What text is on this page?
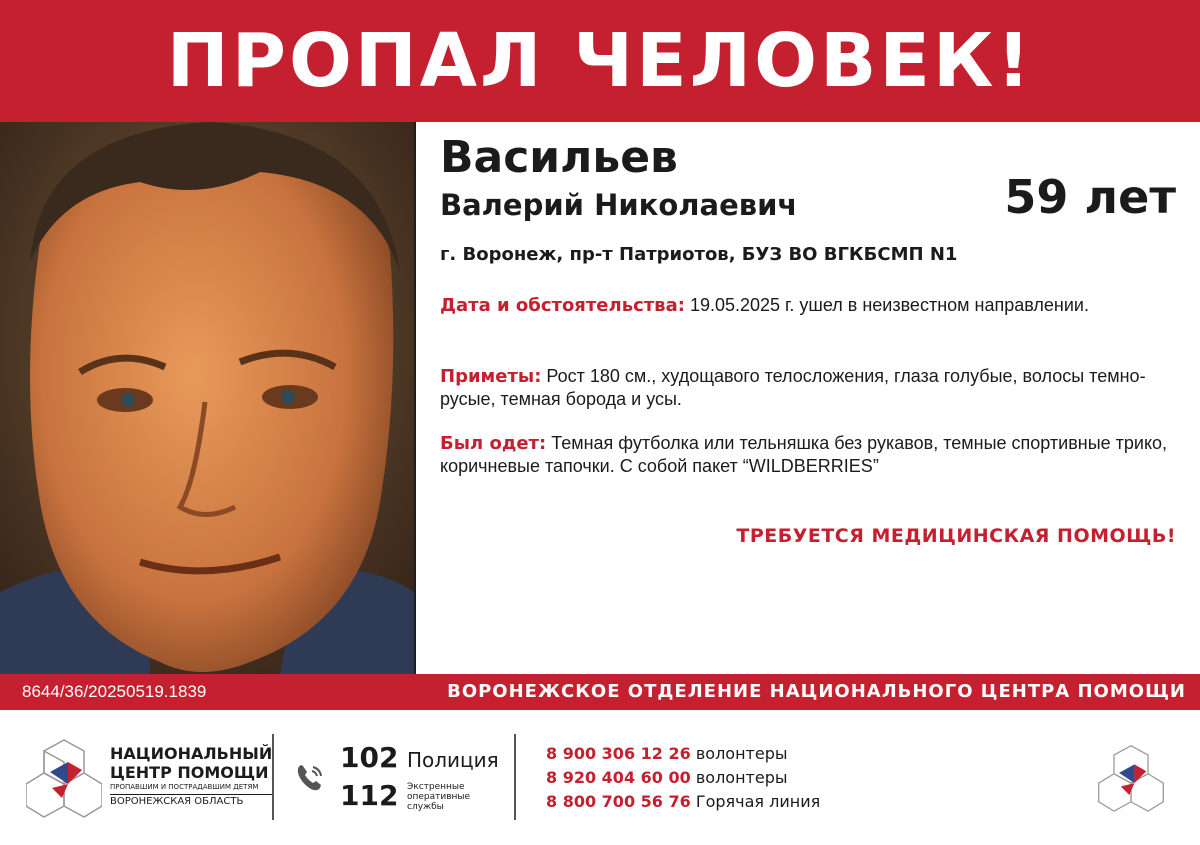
ПРОПАЛ ЧЕЛОВЕК!
Васильев
Валерий Николаевич	59 лет
г. Воронеж, пр-т Патриотов, БУЗ ВО ВГКБСМП N1
Дата и обстоятельства: 19.05.2025 г. ушел в неизвестном направлении.
Приметы: Рост 180 см., худощавого телосложения, глаза голубые, волосы темно-русые, темная борода и усы.
Был одет: Темная футболка или тельняшка без рукавов, темные спортивные трико, коричневые тапочки. С собой пакет “WILDBERRIES”
ТРЕБУЕТСЯ МЕДИЦИНСКАЯ ПОМОЩЬ!
8644/36/20250519.1839	ВОРОНЕЖСКОЕ ОТДЕЛЕНИЕ НАЦИОНАЛЬНОГО ЦЕНТРА ПОМОЩИ
НАЦИОНАЛЬНЫЙ
ЦЕНТР ПОМОЩИ
ПРОПАВШИМ И ПОСТРАДАВШИМ ДЕТЯМ
ВОРОНЕЖСКАЯ ОБЛАСТЬ
102 Полиция
112 Экстренные оперативные службы
8 900 306 12 26 волонтеры
8 920 404 60 00 волонтеры
8 800 700 56 76 Горячая линия
